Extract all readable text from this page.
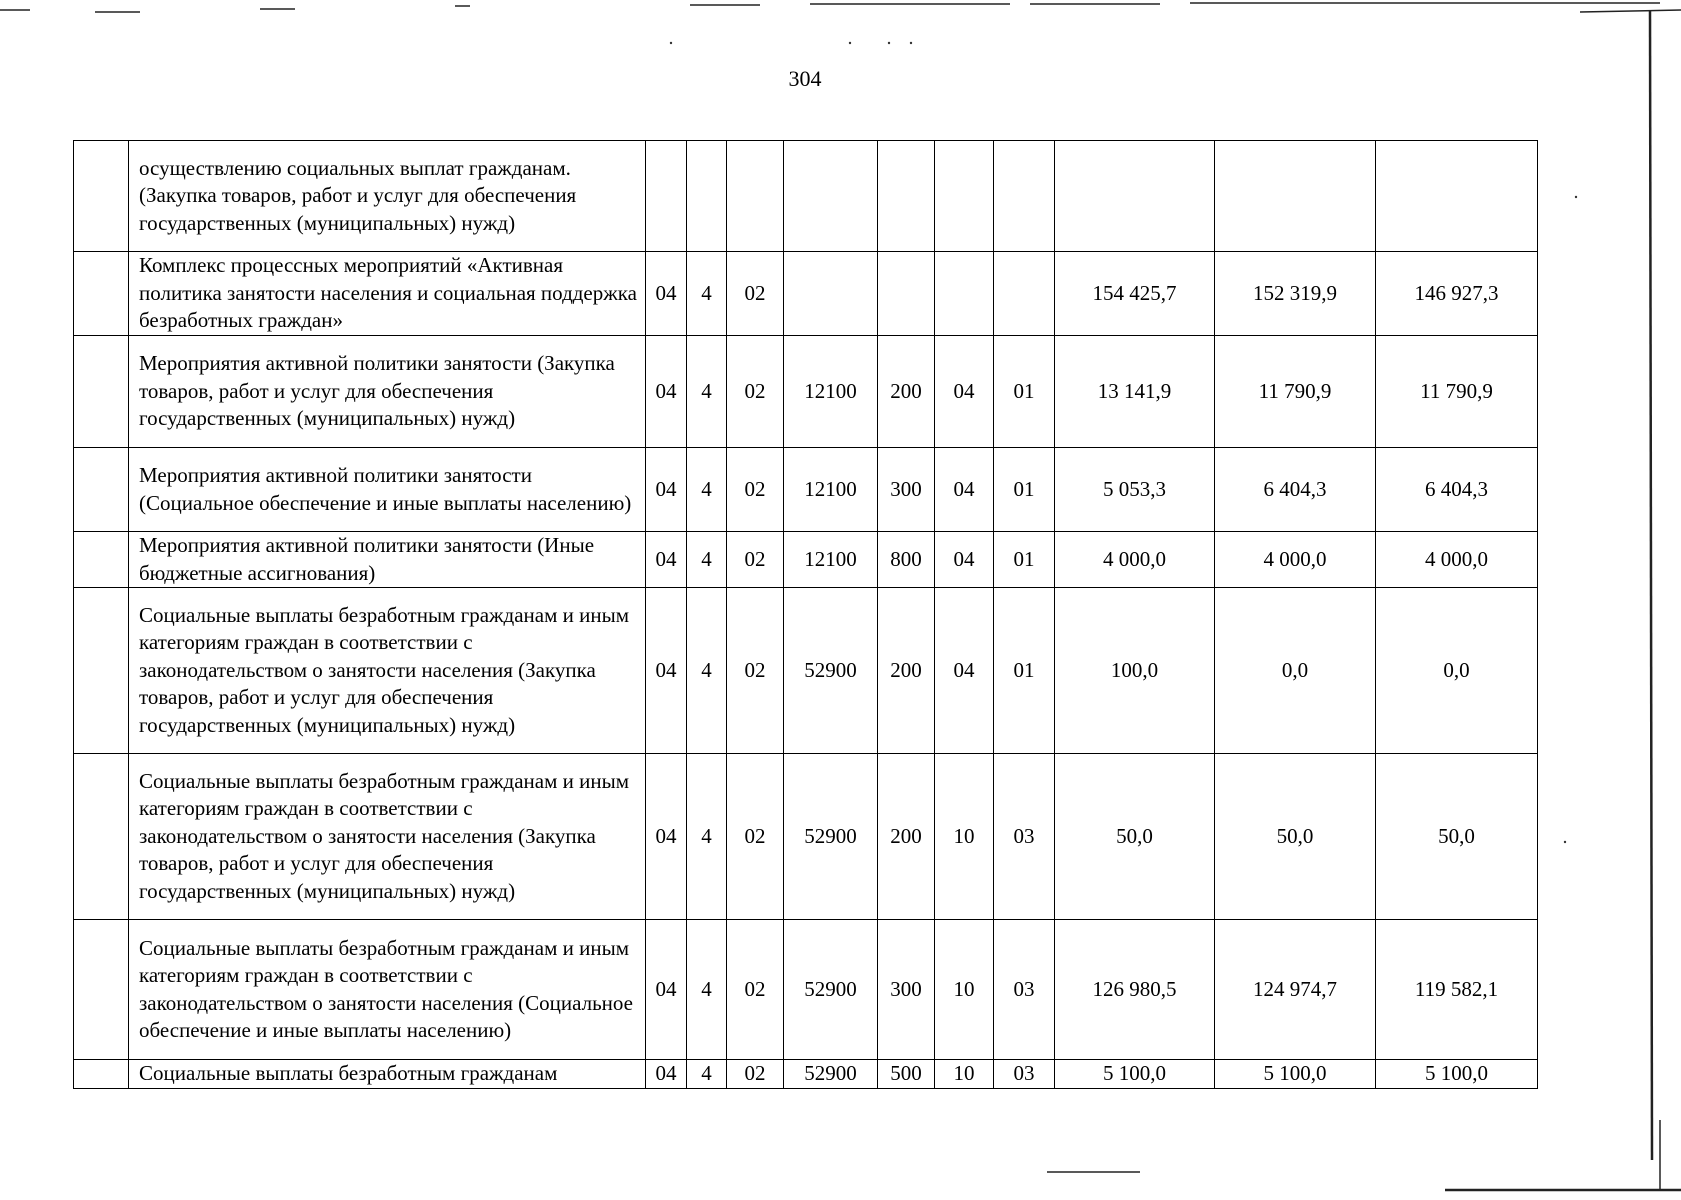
304
	осуществлению социальных выплат гражданам. (Закупка товаров, работ и услуг для обеспечения государственных (муниципальных) нужд)										
	Комплекс процессных мероприятий «Активная политика занятости населения и социальная поддержка безработных граждан»	04	4	02					154 425,7	152 319,9	146 927,3
	Мероприятия активной политики занятости (Закупка товаров, работ и услуг для обеспечения государственных (муниципальных) нужд)	04	4	02	12100	200	04	01	13 141,9	11 790,9	11 790,9
	Мероприятия активной политики занятости (Социальное обеспечение и иные выплаты населению)	04	4	02	12100	300	04	01	5 053,3	6 404,3	6 404,3
	Мероприятия активной политики занятости (Иные бюджетные ассигнования)	04	4	02	12100	800	04	01	4 000,0	4 000,0	4 000,0
	Социальные выплаты безработным гражданам и иным категориям граждан в соответствии с законодательством о занятости населения (Закупка товаров, работ и услуг для обеспечения государственных (муниципальных) нужд)	04	4	02	52900	200	04	01	100,0	0,0	0,0
	Социальные выплаты безработным гражданам и иным категориям граждан в соответствии с законодательством о занятости населения (Закупка товаров, работ и услуг для обеспечения государственных (муниципальных) нужд)	04	4	02	52900	200	10	03	50,0	50,0	50,0
	Социальные выплаты безработным гражданам и иным категориям граждан в соответствии с законодательством о занятости населения (Социальное обеспечение и иные выплаты населению)	04	4	02	52900	300	10	03	126 980,5	124 974,7	119 582,1
	Социальные выплаты безработным гражданам	04	4	02	52900	500	10	03	5 100,0	5 100,0	5 100,0
